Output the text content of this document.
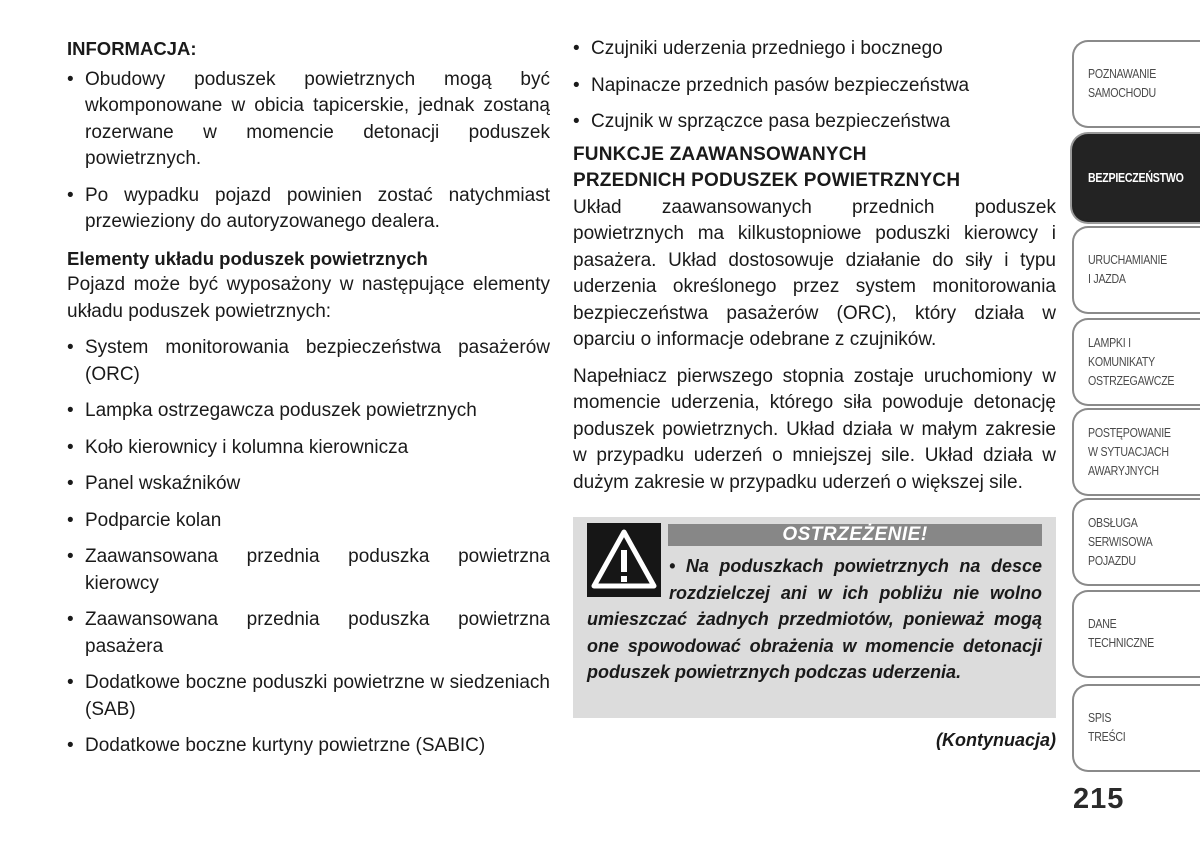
INFORMACJA:

• Obudowy poduszek powietrznych mogą być wkomponowane w obicia tapicerskie, jednak zostaną rozerwane w momencie detonacji poduszek powietrznych.
• Po wypadku pojazd powinien zostać natychmiast przewieziony do autoryzowanego dealera.

Elementy układu poduszek powietrznych

Pojazd może być wyposażony w następujące elementy układu poduszek powietrznych:

• System monitorowania bezpieczeństwa pasażerów (ORC)
• Lampka ostrzegawcza poduszek powietrznych
• Koło kierownicy i kolumna kierownicza
• Panel wskaźników
• Podparcie kolan
• Zaawansowana przednia poduszka powietrzna kierowcy
• Zaawansowana przednia poduszka powietrzna pasażera
• Dodatkowe boczne poduszki powietrzne w siedzeniach (SAB)
• Dodatkowe boczne kurtyny powietrzne (SABIC)
• Czujniki uderzenia przedniego i bocznego
• Napinacze przednich pasów bezpieczeństwa
• Czujnik w sprzączce pasa bezpieczeństwa

FUNKCJE ZAAWANSOWANYCH
PRZEDNICH PODUSZEK POWIETRZNYCH

Układ zaawansowanych przednich poduszek powietrznych ma kilkustopniowe poduszki kierowcy i pasażera. Układ dostosowuje działanie do siły i typu uderzenia określonego przez system monitorowania bezpieczeństwa pasażerów (ORC), który działa w oparciu o informacje odebrane z czujników.

Napełniacz pierwszego stopnia zostaje uruchomiony w momencie uderzenia, którego siła powoduje detonację poduszek powietrznych. Układ działa w małym zakresie w przypadku uderzeń o mniejszej sile. Układ działa w dużym zakresie w przypadku uderzeń o większej sile.

OSTRZEŻENIE!
• Na poduszkach powietrznych na desce rozdzielczej ani w ich pobliżu nie wolno umieszczać żadnych przedmiotów, ponieważ mogą one spowodować obrażenia w momencie detonacji poduszek powietrznych podczas uderzenia.
(Kontynuacja)
POZNAWANIE
SAMOCHODU
BEZPIECZEŃSTWO
URUCHAMIANIE
I JAZDA
LAMPKI I
KOMUNIKATY
OSTRZEGAWCZE
POSTĘPOWANIE
W SYTUACJACH
AWARYJNYCH
OBSŁUGA
SERWISOWA
POJAZDU
DANE
TECHNICZNE
SPIS
TREŚCI
215
